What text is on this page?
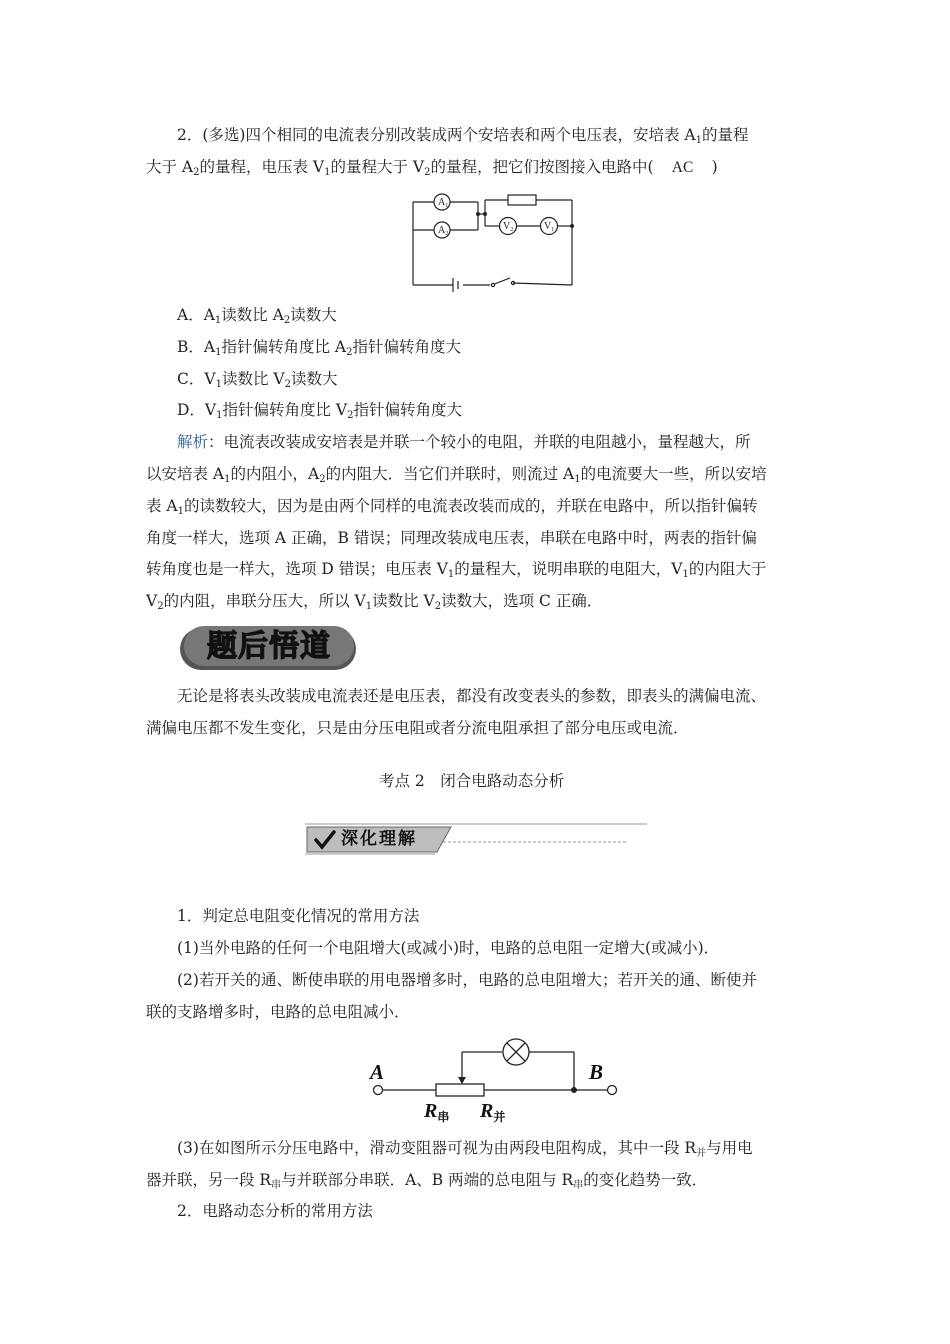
2．(多选)四个相同的电流表分别改装成两个安培表和两个电压表，安培表 $A_1$的量程
大于 $A_2$的量程，电压表 $V_1$的量程大于 $V_2$的量程，把它们按图接入电路中( AC )
$A_1$
$A_2$
$V_2$	$V_1$
A．$A_1$读数比 $A_2$读数大
B．$A_1$指针偏转角度比 $A_2$指针偏转角度大
C．$V_1$读数比 $V_2$读数大
D．$V_1$指针偏转角度比 $V_2$指针偏转角度大
解析：电流表改装成安培表是并联一个较小的电阻，并联的电阻越小，量程越大，所
以安培表 $A_1$的内阻小，$A_2$的内阻大．当它们并联时，则流过 $A_1$的电流要大一些，所以安培
表 $A_1$的读数较大，因为是由两个同样的电流表改装而成的，并联在电路中，所以指针偏转
角度一样大，选项 A 正确，B 错误；同理改装成电压表，串联在电路中时，两表的指针偏
转角度也是一样大，选项 D 错误；电压表 $V_1$的量程大，说明串联的电阻大，$V_1$的内阻大于
$V_2$的内阻，串联分压大，所以 $V_1$读数比 $V_2$读数大，选项 C 正确．
题后悟道
无论是将表头改装成电流表还是电压表，都没有改变表头的参数，即表头的满偏电流、
满偏电压都不发生变化，只是由分压电阻或者分流电阻承担了部分电压或电流．
考点 2　闭合电路动态分析
深化理解
1．判定总电阻变化情况的常用方法
(1)当外电路的任何一个电阻增大(或减小)时，电路的总电阻一定增大(或减小)．
(2)若开关的通、断使串联的用电器增多时，电路的总电阻增大；若开关的通、断使并
联的支路增多时，电路的总电阻减小．
A	B
$R_串$ $R_并$
(3)在如图所示分压电路中，滑动变阻器可视为由两段电阻构成，其中一段 $R_并$与用电
器并联，另一段 $R_串$与并联部分串联．A、B 两端的总电阻与 $R_串$的变化趋势一致．
2．电路动态分析的常用方法
